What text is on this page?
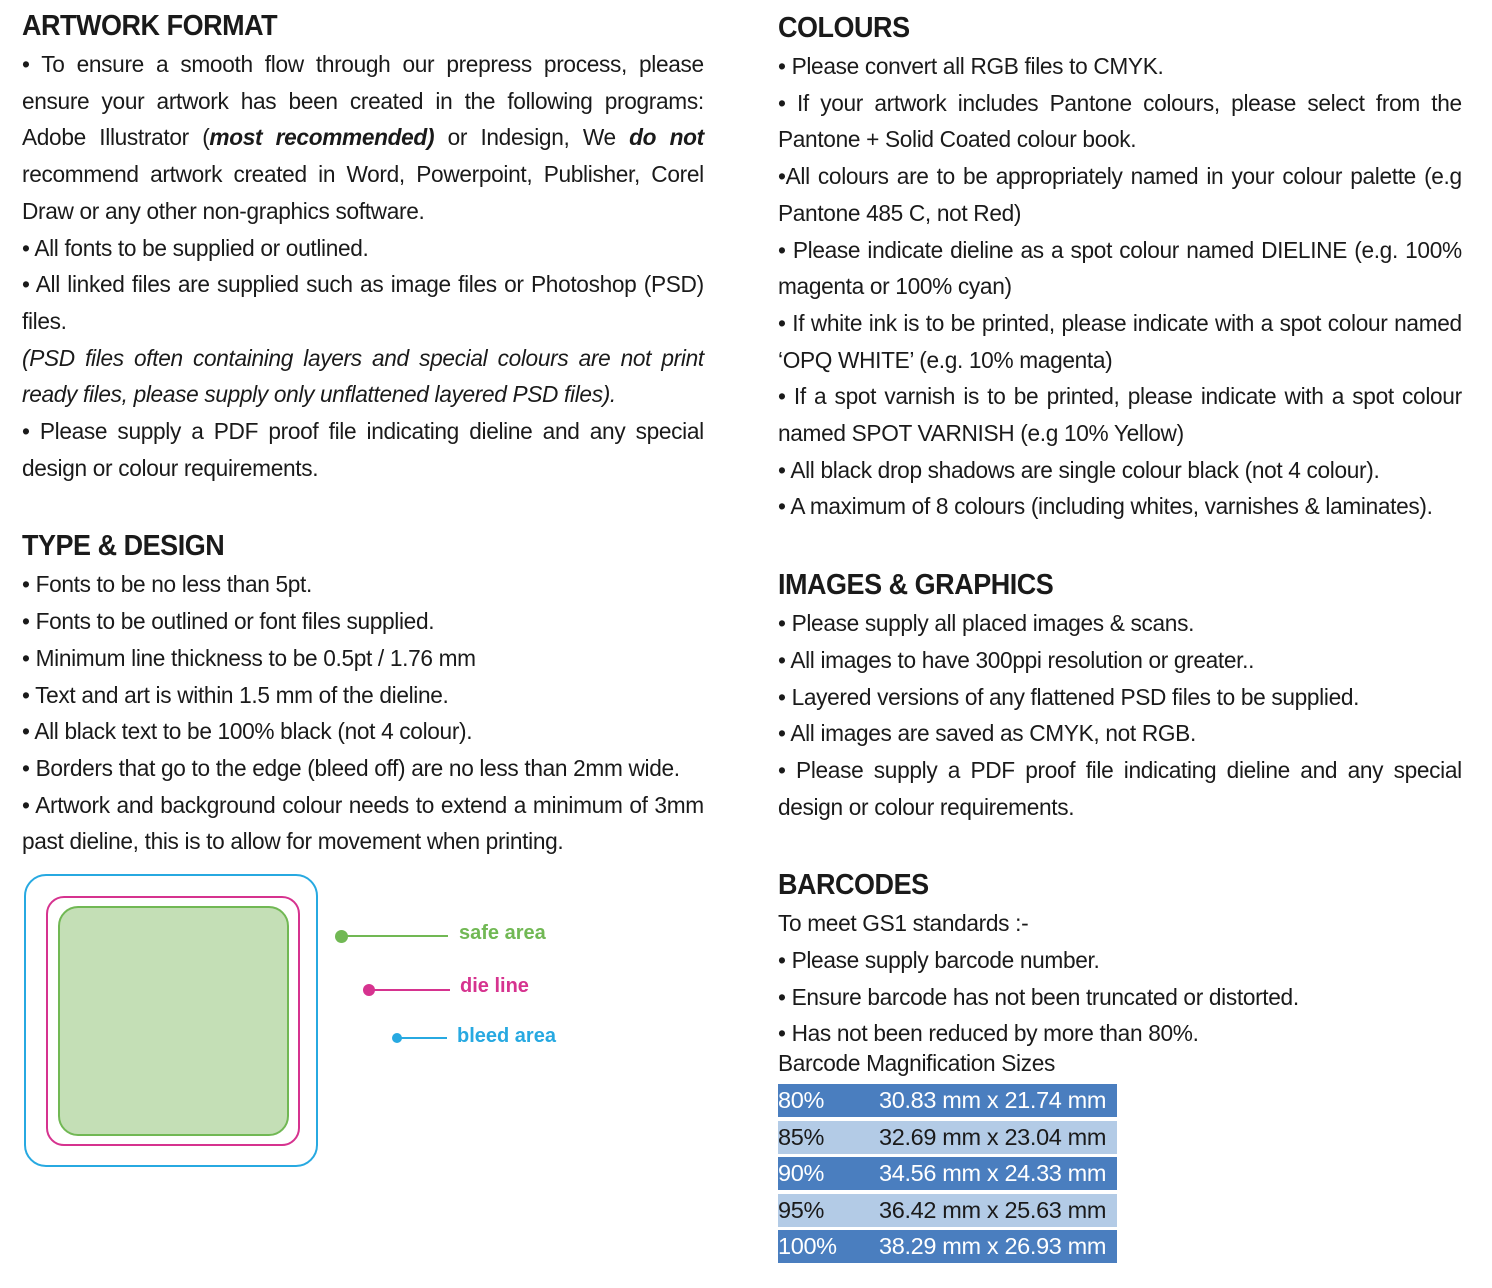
ARTWORK FORMAT

• To ensure a smooth flow through our prepress process, please ensure your artwork has been created in the following programs: Adobe Illustrator (most recommended) or Indesign, We do not recommend artwork created in Word, Powerpoint, Publisher, Corel Draw or any other non-graphics software.

• All fonts to be supplied or outlined.

• All linked files are supplied such as image files or Photoshop (PSD) files.

(PSD files often containing layers and special colours are not print ready files, please supply only unflattened layered PSD files).

• Please supply a PDF proof file indicating dieline and any special design or colour requirements.

TYPE & DESIGN

• Fonts to be no less than 5pt.

• Fonts to be outlined or font files supplied.

• Minimum line thickness to be 0.5pt / 1.76 mm

• Text and art is within 1.5 mm of the dieline.

• All black text to be 100% black (not 4 colour).

• Borders that go to the edge (bleed off) are no less than 2mm wide.

• Artwork and background colour needs to extend a minimum of 3mm past dieline, this is to allow for movement when printing.

safe area
die line
bleed area
COLOURS

• Please convert all RGB files to CMYK.

• If your artwork includes Pantone colours, please select from the Pantone + Solid Coated colour book.

•All colours are to be appropriately named in your colour palette (e.g Pantone 485 C, not Red)

• Please indicate dieline as a spot colour named DIELINE (e.g. 100% magenta or 100% cyan)

• If white ink is to be printed, please indicate with a spot colour named ‘OPQ WHITE’ (e.g. 10% magenta)

• If a spot varnish is to be printed, please indicate with a spot colour named SPOT VARNISH (e.g 10% Yellow)

• All black drop shadows are single colour black (not 4 colour).

• A maximum of 8 colours (including whites, varnishes & laminates).

IMAGES & GRAPHICS

• Please supply all placed images & scans.

• All images to have 300ppi resolution or greater..

• Layered versions of any flattened PSD files to be supplied.

• All images are saved as CMYK, not RGB.

• Please supply a PDF proof file indicating dieline and any special design or colour requirements.

BARCODES

To meet GS1 standards :-

• Please supply barcode number.

• Ensure barcode has not been truncated or distorted.

• Has not been reduced by more than 80%.

Barcode Magnification Sizes
80%	30.83 mm x 21.74 mm
85%	32.69 mm x 23.04 mm
90%	34.56 mm x 24.33 mm
95%	36.42 mm x 25.63 mm
100%	38.29 mm x 26.93 mm
